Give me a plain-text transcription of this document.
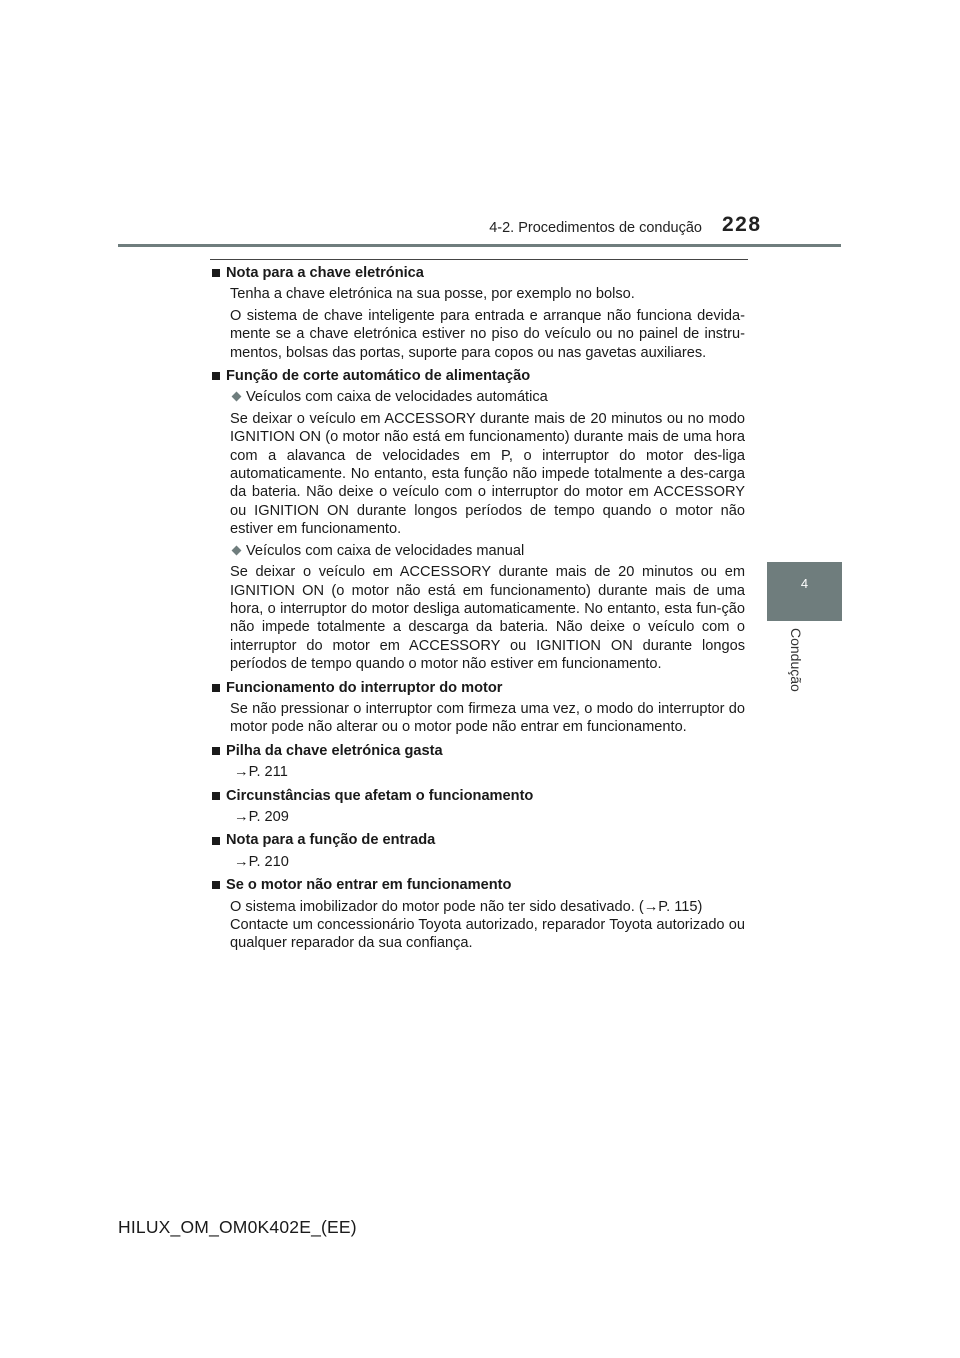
4-2. Procedimentos de condução 228
4
Condução
Nota para a chave eletrónica

Tenha a chave eletrónica na sua posse, por exemplo no bolso.

O sistema de chave inteligente para entrada e arranque não funciona devida-mente se a chave eletrónica estiver no piso do veículo ou no painel de instru-mentos, bolsas das portas, suporte para copos ou nas gavetas auxiliares.

Função de corte automático de alimentação
Veículos com caixa de velocidades automática

Se deixar o veículo em ACCESSORY durante mais de 20 minutos ou no modo IGNITION ON (o motor não está em funcionamento) durante mais de uma hora com a alavanca de velocidades em P, o interruptor do motor des-liga automaticamente. No entanto, esta função não impede totalmente a des-carga da bateria. Não deixe o veículo com o interruptor do motor em ACCESSORY ou IGNITION ON durante longos períodos de tempo quando o motor não estiver em funcionamento.

Veículos com caixa de velocidades manual

Se deixar o veículo em ACCESSORY durante mais de 20 minutos ou em IGNITION ON (o motor não está em funcionamento) durante mais de uma hora, o interruptor do motor desliga automaticamente. No entanto, esta fun-ção não impede totalmente a descarga da bateria. Não deixe o veículo com o interruptor do motor em ACCESSORY ou IGNITION ON durante longos períodos de tempo quando o motor não estiver em funcionamento.

Funcionamento do interruptor do motor

Se não pressionar o interruptor com firmeza uma vez, o modo do interruptor do motor pode não alterar ou o motor pode não entrar em funcionamento.

Pilha da chave eletrónica gasta

→P. 211

Circunstâncias que afetam o funcionamento

→P. 209

Nota para a função de entrada

→P. 210

Se o motor não entrar em funcionamento

O sistema imobilizador do motor pode não ter sido desativado. (→P. 115)

Contacte um concessionário Toyota autorizado, reparador Toyota autorizado ou qualquer reparador da sua confiança.

HILUX_OM_OM0K402E_(EE)
